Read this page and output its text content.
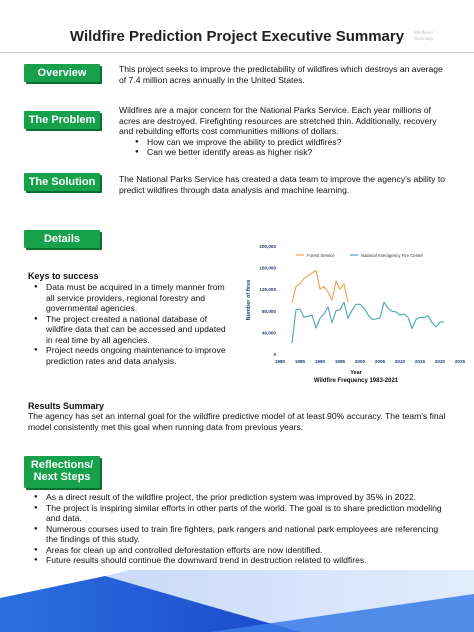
Wildfire Prediction Project Executive Summary	Wildfires / ...
Summary
Overview	This project seeks to improve the predictability of wildfires which destroys an average of 7.4 million acres annually in the United States.
The Problem
Wildfires are a major concern for the National Parks Service. Each year millions of acres are destroyed. Firefighting resources are stretched thin. Additionally, recovery and rebuilding efforts cost communities millions of dollars.
● How can we improve the ability to predict wildfires?
● Can we better identify areas as higher risk?
The Solution	The National Parks Service has created a data team to improve the agency's ability to predict wildfires through data analysis and machine learning.
Details
Keys to success
● Data must be acquired in a timely manner from all service providers, regional forestry and governmental agencies.
● The project created a national database of wildfire data that can be accessed and updated in real time by all agencies.
● Project needs ongoing maintenance to improve prediction rates and data analysis.
0
40,000
80,000
120,000
160,000
200,000
1980 1985 1990 1995 2000 2005 2010 2015 2020 2025
Year
Number of fires
Wildfire Frequency 1983-2021
Forest Service	National Interagency Fire Center
Results Summary
The agency has set an internal goal for the wildfire predictive model of at least 90% accuracy. The team's final model consistently met this goal when running data from previous years.
Reflections/
Next Steps
● As a direct result of the wildfire project, the prior prediction system was improved by 35% in 2022.
● The project is inspiring similar efforts in other parts of the world. The goal is to share prediction modeling and data.
● Numerous courses used to train fire fighters, park rangers and national park employees are referencing the findings of this study.
● Areas for clean up and controlled deforestation efforts are now identified.
● Future results should continue the downward trend in destruction related to wildfires.
